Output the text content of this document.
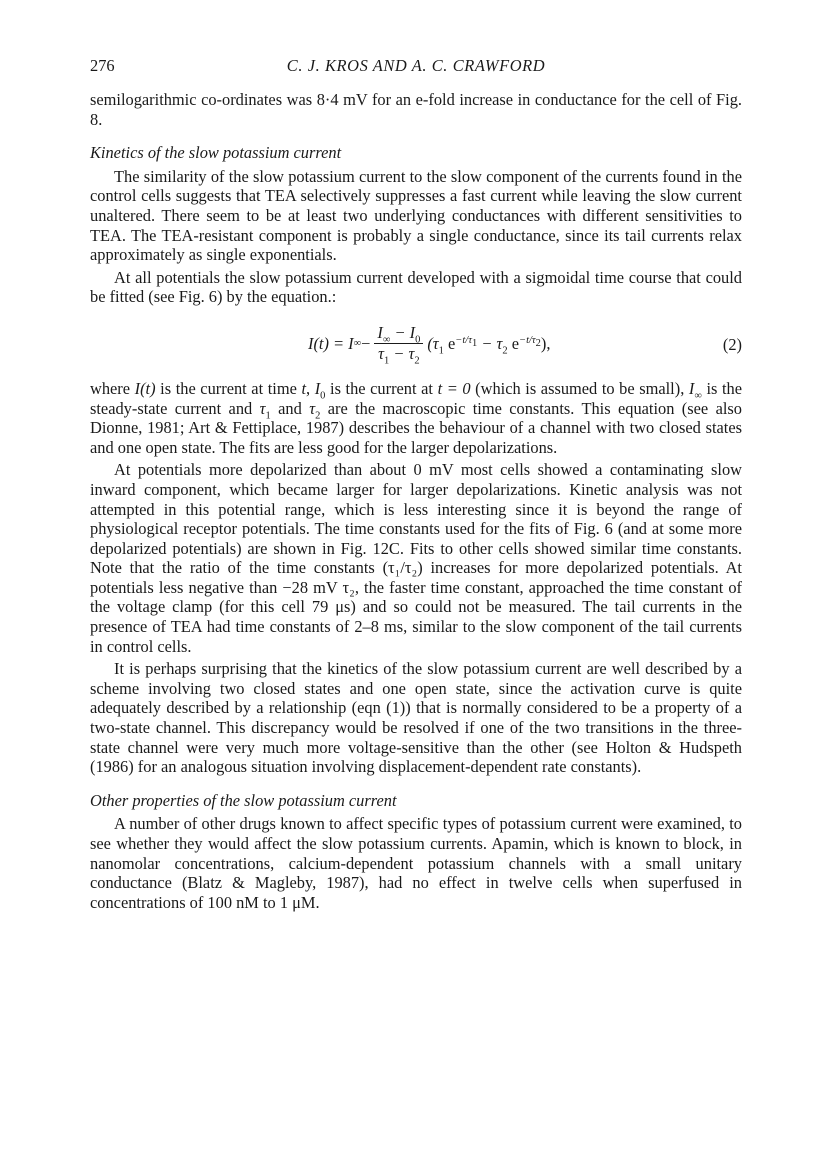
276	C. J. KROS AND A. C. CRAWFORD

semilogarithmic co-ordinates was 8·4 mV for an e-fold increase in conductance for the cell of Fig. 8.

Kinetics of the slow potassium current

The similarity of the slow potassium current to the slow component of the currents found in the control cells suggests that TEA selectively suppresses a fast current while leaving the slow current unaltered. There seem to be at least two underlying conductances with different sensitivities to TEA. The TEA-resistant component is probably a single conductance, since its tail currents relax approximately as single exponentials.

At all potentials the slow potassium current developed with a sigmoidal time course that could be fitted (see Fig. 6) by the equation.:

I(t) = I ∞ − $\frac{I_\infty - I_0}{\tau_1 - \tau_2} (\tau_1$ $e^{-t/\tau_1} - \tau_2$ $e^{-t/\tau_2}$),	(2)

where I(t) is the current at time t, $I_0$ is the current at t = 0 (which is assumed to be small), $I_\infty$ is the steady-state current and $\tau_1$ and $\tau_2$ are the macroscopic time constants. This equation (see also Dionne, 1981; Art & Fettiplace, 1987) describes the behaviour of a channel with two closed states and one open state. The fits are less good for the larger depolarizations.

At potentials more depolarized than about 0 mV most cells showed a contaminating slow inward component, which became larger for larger depolarizations. Kinetic analysis was not attempted in this potential range, which is less interesting since it is beyond the range of physiological receptor potentials. The time constants used for the fits of Fig. 6 (and at some more depolarized potentials) are shown in Fig. 12C. Fits to other cells showed similar time constants. Note that the ratio of the time constants (τ₁/τ₂) increases for more depolarized potentials. At potentials less negative than −28 mV τ₂, the faster time constant, approached the time constant of the voltage clamp (for this cell 79 μs) and so could not be measured. The tail currents in the presence of TEA had time constants of 2–8 ms, similar to the slow component of the tail currents in control cells.

It is perhaps surprising that the kinetics of the slow potassium current are well described by a scheme involving two closed states and one open state, since the activation curve is quite adequately described by a relationship (eqn (1)) that is normally considered to be a property of a two-state channel. This discrepancy would be resolved if one of the two transitions in the three-state channel were very much more voltage-sensitive than the other (see Holton & Hudspeth (1986) for an analogous situation involving displacement-dependent rate constants).

Other properties of the slow potassium current

A number of other drugs known to affect specific types of potassium current were examined, to see whether they would affect the slow potassium currents. Apamin, which is known to block, in nanomolar concentrations, calcium-dependent potassium channels with a small unitary conductance (Blatz & Magleby, 1987), had no effect in twelve cells when superfused in concentrations of 100 nM to 1 μM.
